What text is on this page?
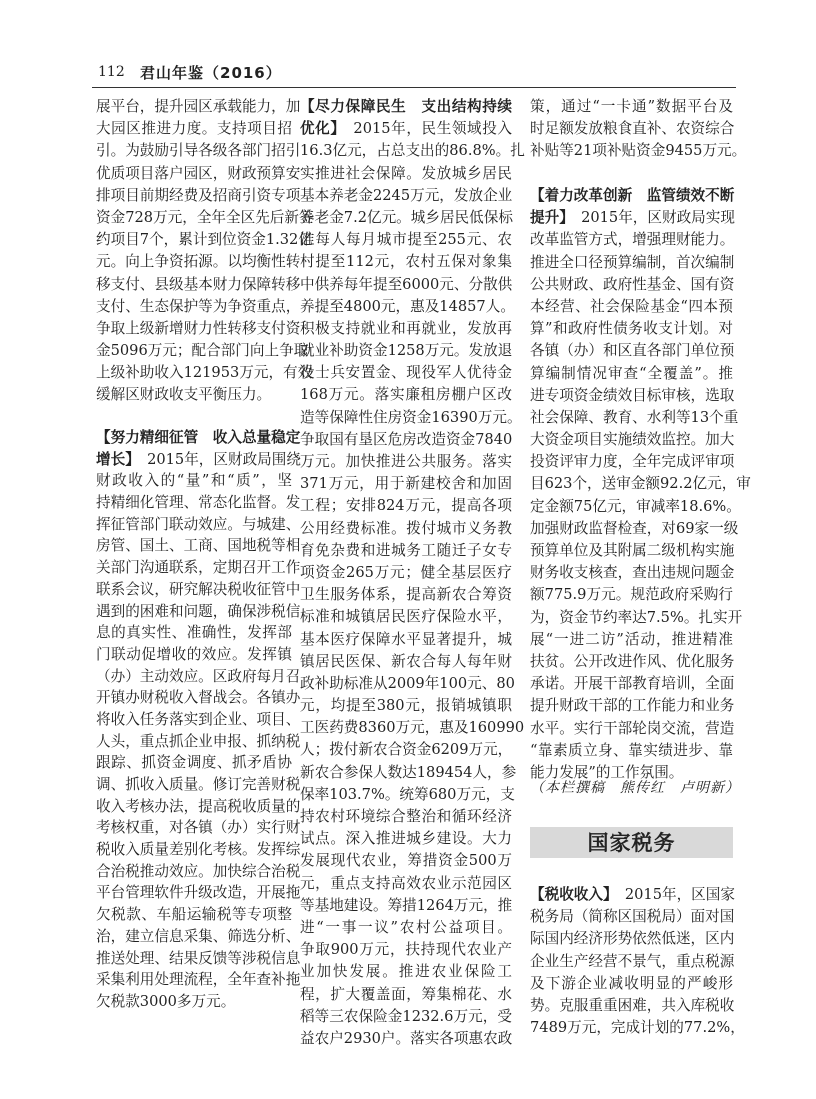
112 君山年鉴（2016）
展平台，提升园区承载能力，加
大园区推进力度。支持项目招
引。为鼓励引导各级各部门招引
优质项目落户园区，财政预算安
排项目前期经费及招商引资专项
资金728万元，全年全区先后新签
约项目7个，累计到位资金1.32亿
元。向上争资拓源。以均衡性转
移支付、县级基本财力保障转移
支付、生态保护等为争资重点，
争取上级新增财力性转移支付资
金5096万元；配合部门向上争取
上级补助收入121953万元，有效
缓解区财政收支平衡压力。
【努力精细征管　收入总量稳定
增长】　2015年，区财政局围绕
财政收入的“量”和“质”，坚
持精细化管理、常态化监督。发
挥征管部门联动效应。与城建、
房管、国土、工商、国地税等相
关部门沟通联系，定期召开工作
联系会议，研究解决税收征管中
遇到的困难和问题，确保涉税信
息的真实性、准确性，发挥部
门联动促增收的效应。发挥镇
（办）主动效应。区政府每月召
开镇办财税收入督战会。各镇办
将收入任务落实到企业、项目、
人头，重点抓企业申报、抓纳税
跟踪、抓资金调度、抓矛盾协
调、抓收入质量。修订完善财税
收入考核办法，提高税收质量的
考核权重，对各镇（办）实行财
税收入质量差别化考核。发挥综
合治税推动效应。加快综合治税
平台管理软件升级改造，开展拖
欠税款、车船运输税等专项整
治，建立信息采集、筛选分析、
推送处理、结果反馈等涉税信息
采集利用处理流程，全年查补拖
欠税款3000多万元。
【尽力保障民生　支出结构持续
优化】　2015年，民生领域投入
16.3亿元，占总支出的86.8%。扎
实推进社会保障。发放城乡居民
基本养老金2245万元，发放企业
养老金7.2亿元。城乡居民低保标
准每人每月城市提至255元、农
村提至112元，农村五保对象集
中供养每年提至6000元、分散供
养提至4800元，惠及14857人。
积极支持就业和再就业，发放再
就业补助资金1258万元。发放退
役士兵安置金、现役军人优待金
168万元。落实廉租房棚户区改
造等保障性住房资金16390万元。
争取国有垦区危房改造资金7840
万元。加快推进公共服务。落实
371万元，用于新建校舍和加固
工程；安排824万元，提高各项
公用经费标准。拨付城市义务教
育免杂费和进城务工随迁子女专
项资金265万元；健全基层医疗
卫生服务体系，提高新农合筹资
标准和城镇居民医疗保险水平，
基本医疗保障水平显著提升，城
镇居民医保、新农合每人每年财
政补助标准从2009年100元、80
元，均提至380元，报销城镇职
工医药费8360万元，惠及160990
人；拨付新农合资金6209万元，
新农合参保人数达189454人，参
保率103.7%。统筹680万元，支
持农村环境综合整治和循环经济
试点。深入推进城乡建设。大力
发展现代农业，筹措资金500万
元，重点支持高效农业示范园区
等基地建设。筹措1264万元，推
进“一事一议”农村公益项目。
争取900万元，扶持现代农业产
业加快发展。推进农业保险工
程，扩大覆盖面，筹集棉花、水
稻等三农保险金1232.6万元，受
益农户2930户。落实各项惠农政
策，通过“一卡通”数据平台及
时足额发放粮食直补、农资综合
补贴等21项补贴资金9455万元。
【着力改革创新　监管绩效不断
提升】　2015年，区财政局实现
改革监管方式，增强理财能力。
推进全口径预算编制，首次编制
公共财政、政府性基金、国有资
本经营、社会保险基金“四本预
算”和政府性债务收支计划。对
各镇（办）和区直各部门单位预
算编制情况审查“全覆盖”。推
进专项资金绩效目标审核，选取
社会保障、教育、水利等13个重
大资金项目实施绩效监控。加大
投资评审力度，全年完成评审项
目623个，送审金额92.2亿元，审
定金额75亿元，审减率18.6%。
加强财政监督检查，对69家一级
预算单位及其附属二级机构实施
财务收支核查，查出违规问题金
额775.9万元。规范政府采购行
为，资金节约率达7.5%。扎实开
展“一进二访”活动，推进精准
扶贫。公开改进作风、优化服务
承诺。开展干部教育培训，全面
提升财政干部的工作能力和业务
水平。实行干部轮岗交流，营造
“靠素质立身、靠实绩进步、靠
能力发展”的工作氛围。
（本栏撰稿　熊传红　卢明新）
国家税务
【税收收入】　2015年，区国家
税务局（简称区国税局）面对国
际国内经济形势依然低迷，区内
企业生产经营不景气，重点税源
及下游企业减收明显的严峻形
势。克服重重困难，共入库税收
7489万元，完成计划的77.2%，
